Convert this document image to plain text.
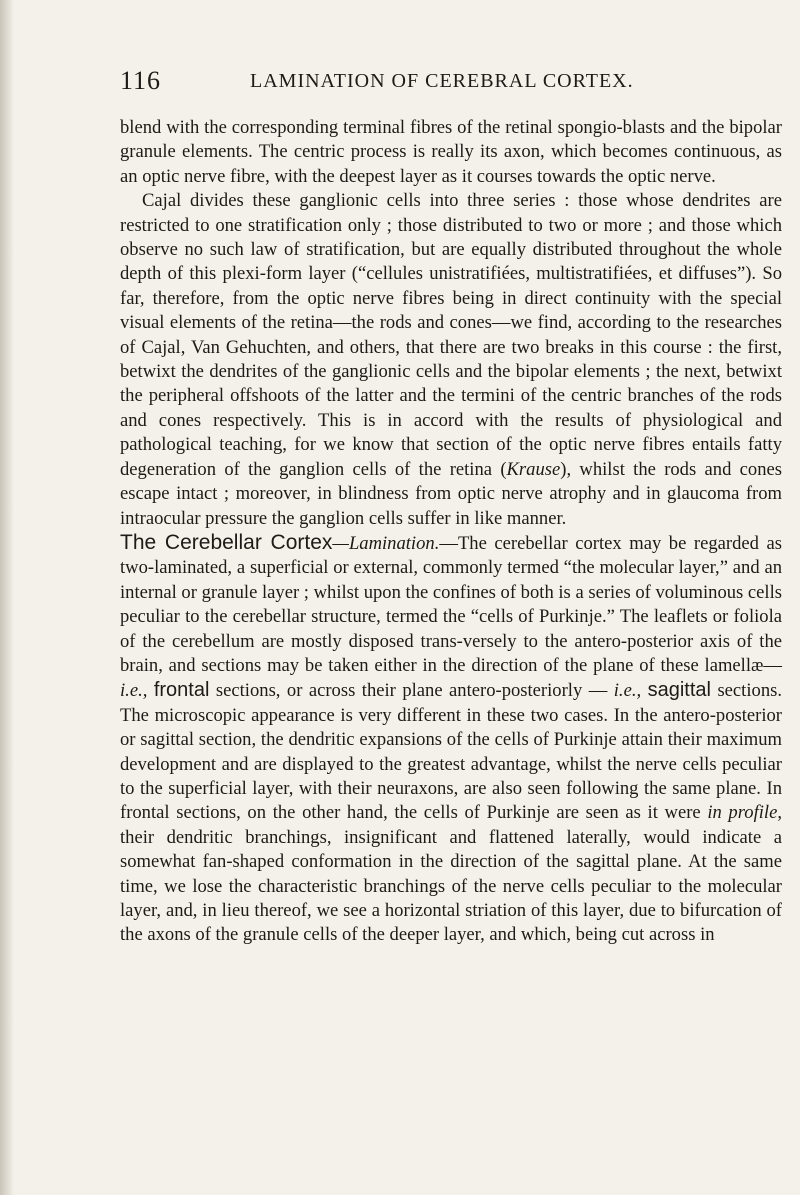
116	LAMINATION OF CEREBRAL CORTEX.

blend with the corresponding terminal fibres of the retinal spongio-blasts and the bipolar granule elements. The centric process is really its axon, which becomes continuous, as an optic nerve fibre, with the deepest layer as it courses towards the optic nerve.

Cajal divides these ganglionic cells into three series : those whose dendrites are restricted to one stratification only ; those distributed to two or more ; and those which observe no such law of stratification, but are equally distributed throughout the whole depth of this plexi-form layer (“cellules unistratifiées, multistratifiées, et diffuses”). So far, therefore, from the optic nerve fibres being in direct continuity with the special visual elements of the retina—the rods and cones—we find, according to the researches of Cajal, Van Gehuchten, and others, that there are two breaks in this course : the first, betwixt the dendrites of the ganglionic cells and the bipolar elements ; the next, betwixt the peripheral offshoots of the latter and the termini of the centric branches of the rods and cones respectively. This is in accord with the results of physiological and pathological teaching, for we know that section of the optic nerve fibres entails fatty degeneration of the ganglion cells of the retina (Krause), whilst the rods and cones escape intact ; moreover, in blindness from optic nerve atrophy and in glaucoma from intraocular pressure the ganglion cells suffer in like manner.

The Cerebellar Cortex—Lamination.—The cerebellar cortex may be regarded as two-laminated, a superficial or external, commonly termed “the molecular layer,” and an internal or granule layer ; whilst upon the confines of both is a series of voluminous cells peculiar to the cerebellar structure, termed the “cells of Purkinje.” The leaflets or foliola of the cerebellum are mostly disposed trans-versely to the antero-posterior axis of the brain, and sections may be taken either in the direction of the plane of these lamellæ—i.e., frontal sections, or across their plane antero-posteriorly — i.e., sagittal sections. The microscopic appearance is very different in these two cases. In the antero-posterior or sagittal section, the dendritic expansions of the cells of Purkinje attain their maximum development and are displayed to the greatest advantage, whilst the nerve cells peculiar to the superficial layer, with their neuraxons, are also seen following the same plane. In frontal sections, on the other hand, the cells of Purkinje are seen as it were in profile, their dendritic branchings, insignificant and flattened laterally, would indicate a somewhat fan-shaped conformation in the direction of the sagittal plane. At the same time, we lose the characteristic branchings of the nerve cells peculiar to the molecular layer, and, in lieu thereof, we see a horizontal striation of this layer, due to bifurcation of the axons of the granule cells of the deeper layer, and which, being cut across in
